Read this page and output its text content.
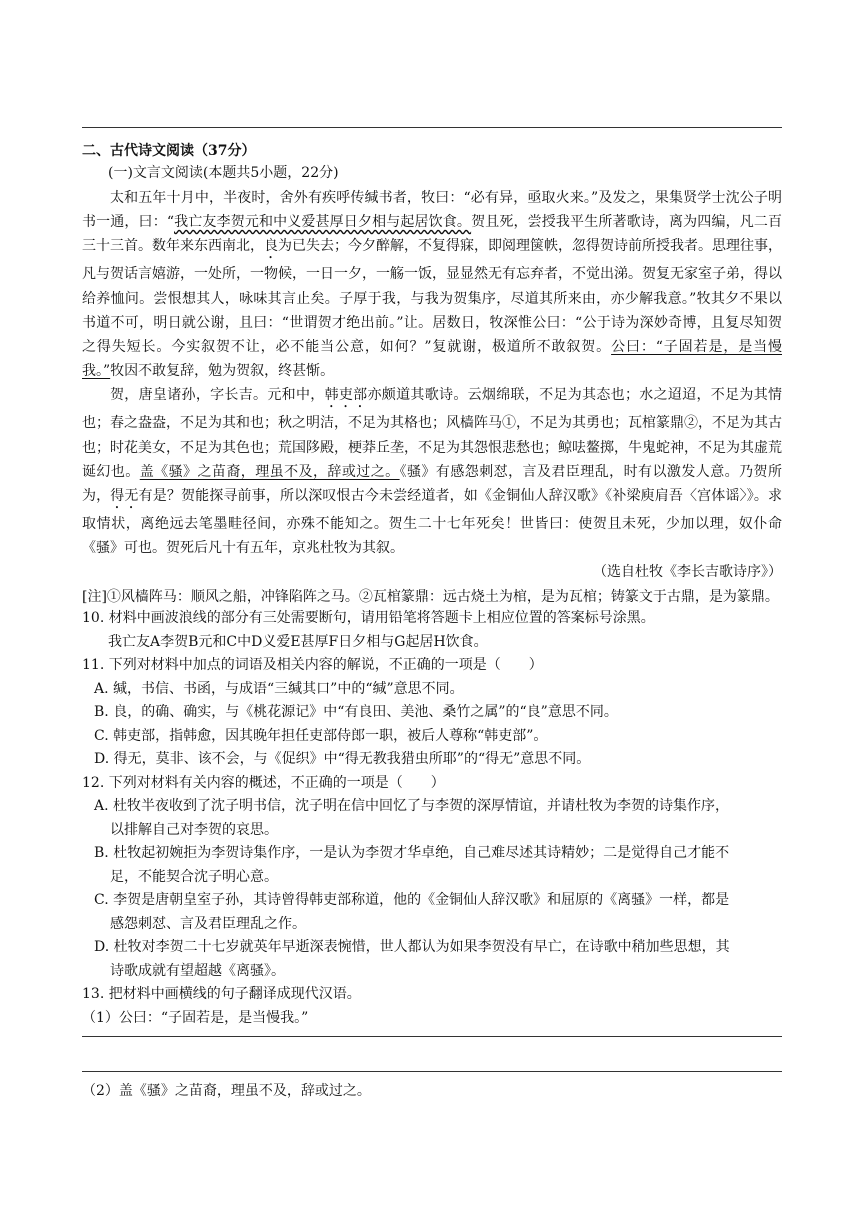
二、古代诗文阅读（37分）
(一)文言文阅读(本题共5小题，22分)

太和五年十月中，半夜时，舍外有疾呼传缄书者，牧曰：“必有异，亟取火来。”及发之，果集贤学士沈公子明书一通，曰：“我亡友李贺元和中义爱甚厚日夕相与起居饮食。贺且死，尝授我平生所著歌诗，离为四编，凡二百三十三首。数年来东西南北，良为已失去；今夕醉解，不复得寐，即阅理箧帙，忽得贺诗前所授我者。思理往事，凡与贺话言嬉游，一处所，一物候，一日一夕，一觞一饭，显显然无有忘弃者，不觉出涕。贺复无家室子弟，得以给养恤问。尝恨想其人，咏味其言止矣。子厚于我，与我为贺集序，尽道其所来由，亦少解我意。”牧其夕不果以书道不可，明日就公谢，且曰：“世谓贺才绝出前。”让。居数日，牧深惟公曰：“公于诗为深妙奇博，且复尽知贺之得失短长。今实叙贺不让，必不能当公意，如何？”复就谢，极道所不敢叙贺。公曰：“子固若是，是当慢我。”牧因不敢复辞，勉为贺叙，终甚惭。

贺，唐皇诸孙，字长吉。元和中，韩吏部亦颇道其歌诗。云烟绵联，不足为其态也；水之迢迢，不足为其情也；春之盎盎，不足为其和也；秋之明洁，不足为其格也；风樯阵马①，不足为其勇也；瓦棺篆鼎②，不足为其古也；时花美女，不足为其色也；荒国陊殿，梗莽丘垄，不足为其怨恨悲愁也；鲸呿鳌掷，牛鬼蛇神，不足为其虚荒诞幻也。盖《骚》之苗裔，理虽不及，辞或过之。《骚》有感怨刺怼，言及君臣理乱，时有以激发人意。乃贺所为，得无有是？贺能探寻前事，所以深叹恨古今未尝经道者，如《金铜仙人辞汉歌》《补梁庾肩吾〈宫体谣〉》。求取情状，离绝远去笔墨畦径间，亦殊不能知之。贺生二十七年死矣！世皆曰：使贺且未死，少加以理，奴仆命《骚》可也。贺死后凡十有五年，京兆杜牧为其叙。

（选自杜牧《李长吉歌诗序》）

[注]①风樯阵马：顺风之船，冲锋陷阵之马。②瓦棺篆鼎：远古烧土为棺，是为瓦棺；铸篆文于古鼎，是为篆鼎。

10. 材料中画波浪线的部分有三处需要断句，请用铅笔将答题卡上相应位置的答案标号涂黑。
我亡友A李贺B元和C中D义爱E甚厚F日夕相与G起居H饮食。
11. 下列对材料中加点的词语及相关内容的解说，不正确的一项是（　　）
A. 缄，书信、书函，与成语“三缄其口”中的“缄”意思不同。
B. 良，的确、确实，与《桃花源记》中“有良田、美池、桑竹之属”的“良”意思不同。
C. 韩吏部，指韩愈，因其晚年担任吏部侍郎一职，被后人尊称“韩吏部”。
D. 得无，莫非、该不会，与《促织》中“得无教我猎虫所耶”的“得无”意思不同。
12. 下列对材料有关内容的概述，不正确的一项是（　　）
A. 杜牧半夜收到了沈子明书信，沈子明在信中回忆了与李贺的深厚情谊，并请杜牧为李贺的诗集作序，
以排解自己对李贺的哀思。
B. 杜牧起初婉拒为李贺诗集作序，一是认为李贺才华卓绝，自己难尽述其诗精妙；二是觉得自己才能不
足，不能契合沈子明心意。
C. 李贺是唐朝皇室子孙，其诗曾得韩吏部称道，他的《金铜仙人辞汉歌》和屈原的《离骚》一样，都是
感怨刺怼、言及君臣理乱之作。
D. 杜牧对李贺二十七岁就英年早逝深表惋惜，世人都认为如果李贺没有早亡，在诗歌中稍加些思想，其
诗歌成就有望超越《离骚》。
13. 把材料中画横线的句子翻译成现代汉语。
（1）公曰：“子固若是，是当慢我。”
（2）盖《骚》之苗裔，理虽不及，辞或过之。
